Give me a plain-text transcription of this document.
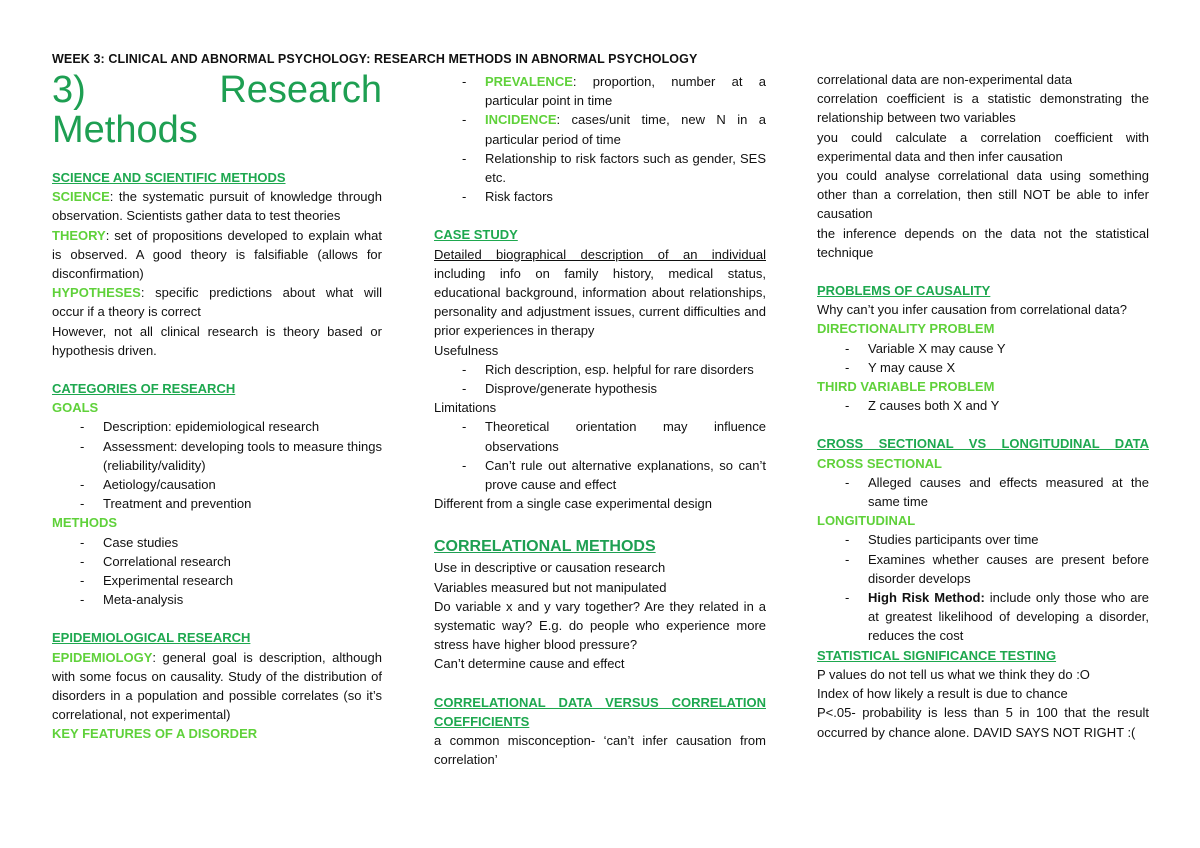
WEEK 3: CLINICAL AND ABNORMAL PSYCHOLOGY: RESEARCH METHODS IN ABNORMAL PSYCHOLOGY
3)	Research
Methods

SCIENCE AND SCIENTIFIC METHODS

SCIENCE: the systematic pursuit of knowledge through observation. Scientists gather data to test theories

THEORY: set of propositions developed to explain what is observed. A good theory is falsifiable (allows for disconfirmation)

HYPOTHESES: specific predictions about what will occur if a theory is correct

However, not all clinical research is theory based or hypothesis driven.

CATEGORIES OF RESEARCH

GOALS

- Description: epidemiological research
- Assessment: developing tools to measure things (reliability/validity)
- Aetiology/causation
- Treatment and prevention

METHODS

- Case studies
- Correlational research
- Experimental research
- Meta-analysis

EPIDEMIOLOGICAL RESEARCH

EPIDEMIOLOGY: general goal is description, although with some focus on causality. Study of the distribution of disorders in a population and possible correlates (so it’s correlational, not experimental)

KEY FEATURES OF A DISORDER

- PREVALENCE: proportion, number at a particular point in time

- INCIDENCE: cases/unit time, new N in a particular period of time

- Relationship to risk factors such as gender, SES etc.

- Risk factors

CASE STUDY

Detailed biographical description of an individual including info on family history, medical status, educational background, information about relationships, personality and adjustment issues, current difficulties and prior experiences in therapy

Usefulness

- Rich description, esp. helpful for rare disorders
- Disprove/generate hypothesis

Limitations

- Theoretical orientation may influence observations
- Can’t rule out alternative explanations, so can’t prove cause and effect

Different from a single case experimental design

CORRELATIONAL METHODS

Use in descriptive or causation research

Variables measured but not manipulated

Do variable x and y vary together? Are they related in a systematic way? E.g. do people who experience more stress have higher blood pressure?

Can’t determine cause and effect

CORRELATIONAL DATA VERSUS CORRELATION COEFFICIENTS

a common misconception- ‘can’t infer causation from correlation’

correlational data are non-experimental data

correlation coefficient is a statistic demonstrating the relationship between two variables

you could calculate a correlation coefficient with experimental data and then infer causation

you could analyse correlational data using something other than a correlation, then still NOT be able to infer causation

the inference depends on the data not the statistical technique

PROBLEMS OF CAUSALITY

Why can’t you infer causation from correlational data?

DIRECTIONALITY PROBLEM

- Variable X may cause Y
- Y may cause X

THIRD VARIABLE PROBLEM

- Z causes both X and Y

CROSS SECTIONAL VS LONGITUDINAL DATA

CROSS SECTIONAL

- Alleged causes and effects measured at the same time

LONGITUDINAL

- Studies participants over time
- Examines whether causes are present before disorder develops
- High Risk Method: include only those who are at greatest likelihood of developing a disorder, reduces the cost

STATISTICAL SIGNIFICANCE TESTING

P values do not tell us what we think they do :O

Index of how likely a result is due to chance

P<.05- probability is less than 5 in 100 that the result occurred by chance alone. DAVID SAYS NOT RIGHT :(
